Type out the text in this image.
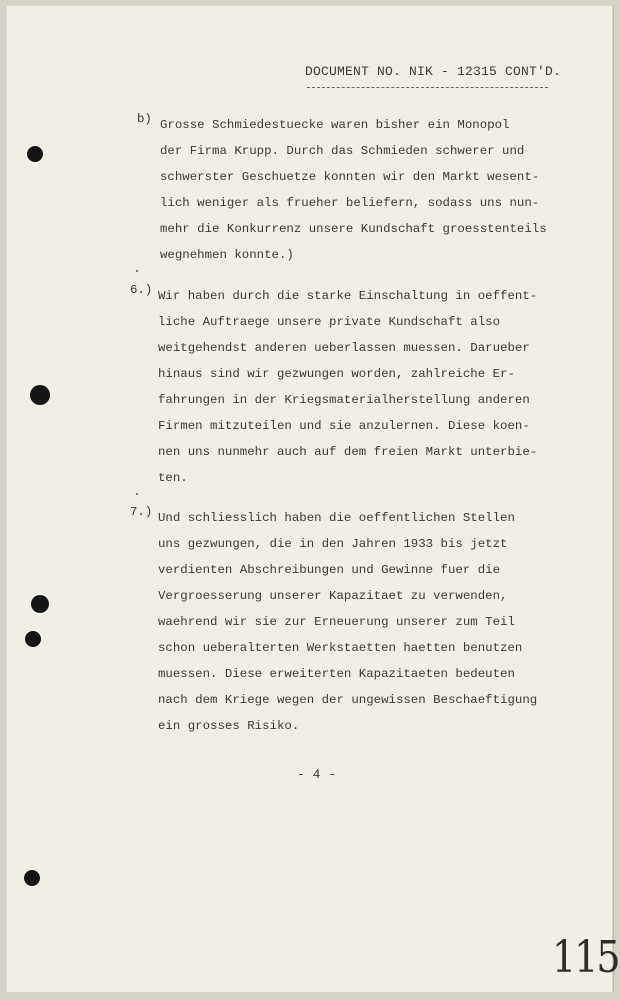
DOCUMENT NO. NIK - 12315 CONT'D.
b) Grosse Schmiedestuecke waren bisher ein Monopol
der Firma Krupp. Durch das Schmieden schwerer und
schwerster Geschuetze konnten wir den Markt wesent-
lich weniger als frueher beliefern, sodass uns nun-
mehr die Konkurrenz unsere Kundschaft groesstenteils
wegnehmen konnte.)
6.) Wir haben durch die starke Einschaltung in oeffent-
liche Auftraege unsere private Kundschaft also
weitgehendst anderen ueberlassen muessen. Darueber
hinaus sind wir gezwungen worden, zahlreiche Er-
fahrungen in der Kriegsmaterialherstellung anderen
Firmen mitzuteilen und sie anzulernen. Diese koen-
nen uns nunmehr auch auf dem freien Markt unterbie-
ten.
7.) Und schliesslich haben die oeffentlichen Stellen
uns gezwungen, die in den Jahren 1933 bis jetzt
verdienten Abschreibungen und Gewinne fuer die
Vergroesserung unserer Kapazitaet zu verwenden,
waehrend wir sie zur Erneuerung unserer zum Teil
schon ueberalterten Werkstaetten haetten benutzen
muessen. Diese erweiterten Kapazitaeten bedeuten
nach dem Kriege wegen der ungewissen Beschaeftigung
ein grosses Risiko.
- 4 -
115
